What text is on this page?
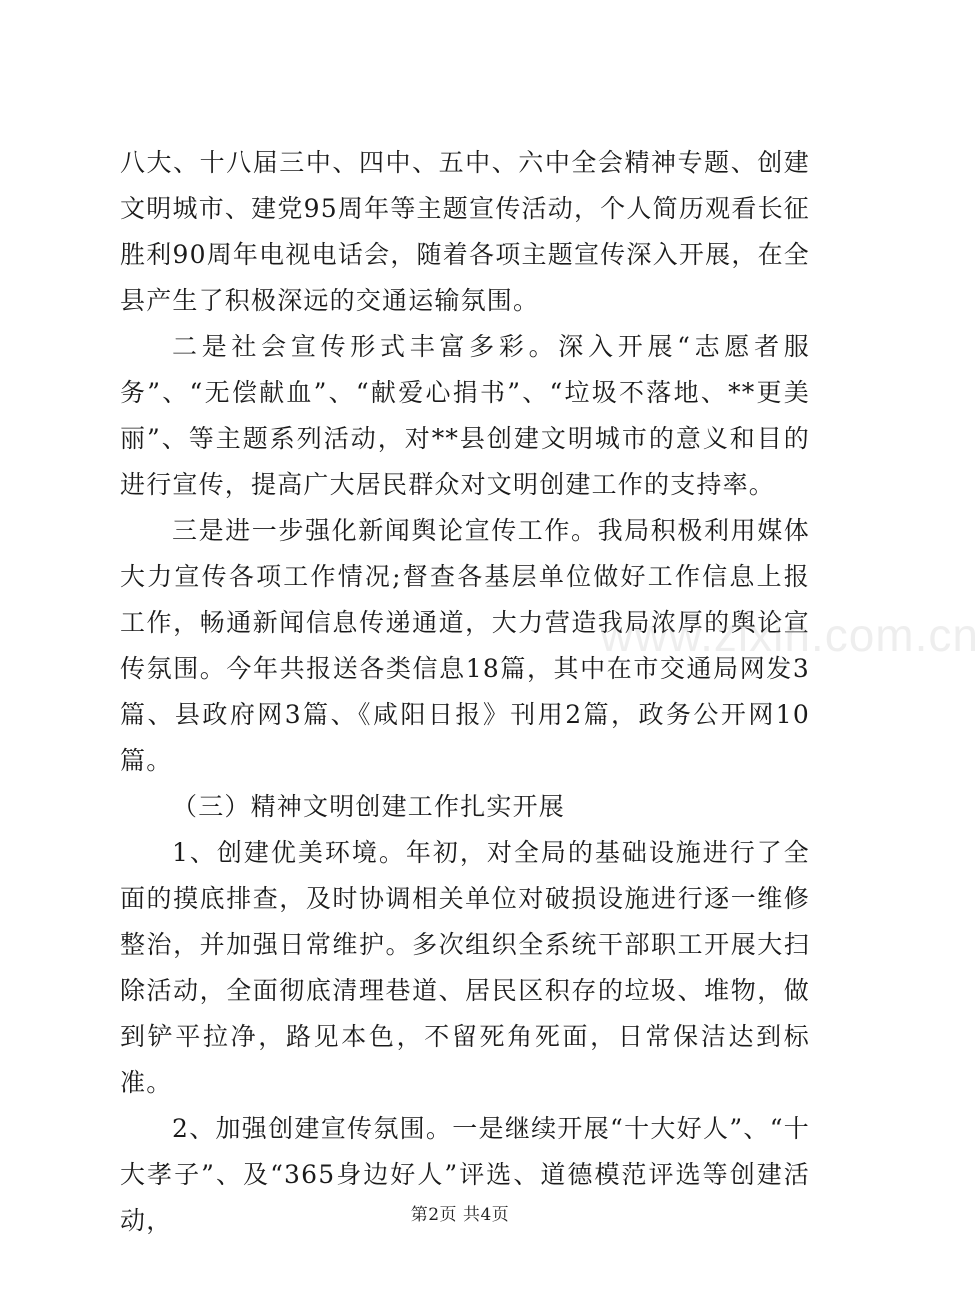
八大、十八届三中、四中、五中、六中全会精神专题、创建文明城市、建党95周年等主题宣传活动，个人简历观看长征胜利90周年电视电话会，随着各项主题宣传深入开展，在全县产生了积极深远的交通运输氛围。

二是社会宣传形式丰富多彩。深入开展“志愿者服务”、“无偿献血”、“献爱心捐书”、“垃圾不落地、**更美丽”、等主题系列活动，对**县创建文明城市的意义和目的进行宣传，提高广大居民群众对文明创建工作的支持率。

三是进一步强化新闻舆论宣传工作。我局积极利用媒体大力宣传各项工作情况;督查各基层单位做好工作信息上报工作，畅通新闻信息传递通道，大力营造我局浓厚的舆论宣传氛围。今年共报送各类信息18篇，其中在市交通局网发3篇、县政府网3篇、《咸阳日报》刊用2篇，政务公开网10篇。

（三）精神文明创建工作扎实开展

1、创建优美环境。年初，对全局的基础设施进行了全面的摸底排查，及时协调相关单位对破损设施进行逐一维修整治，并加强日常维护。多次组织全系统干部职工开展大扫除活动，全面彻底清理巷道、居民区积存的垃圾、堆物，做到铲平拉净，路见本色，不留死角死面，日常保洁达到标准。

2、加强创建宣传氛围。一是继续开展“十大好人”、“十大孝子”、及“365身边好人”评选、道德模范评选等创建活动，

www.zixin.com.cn
第2页 共4页
